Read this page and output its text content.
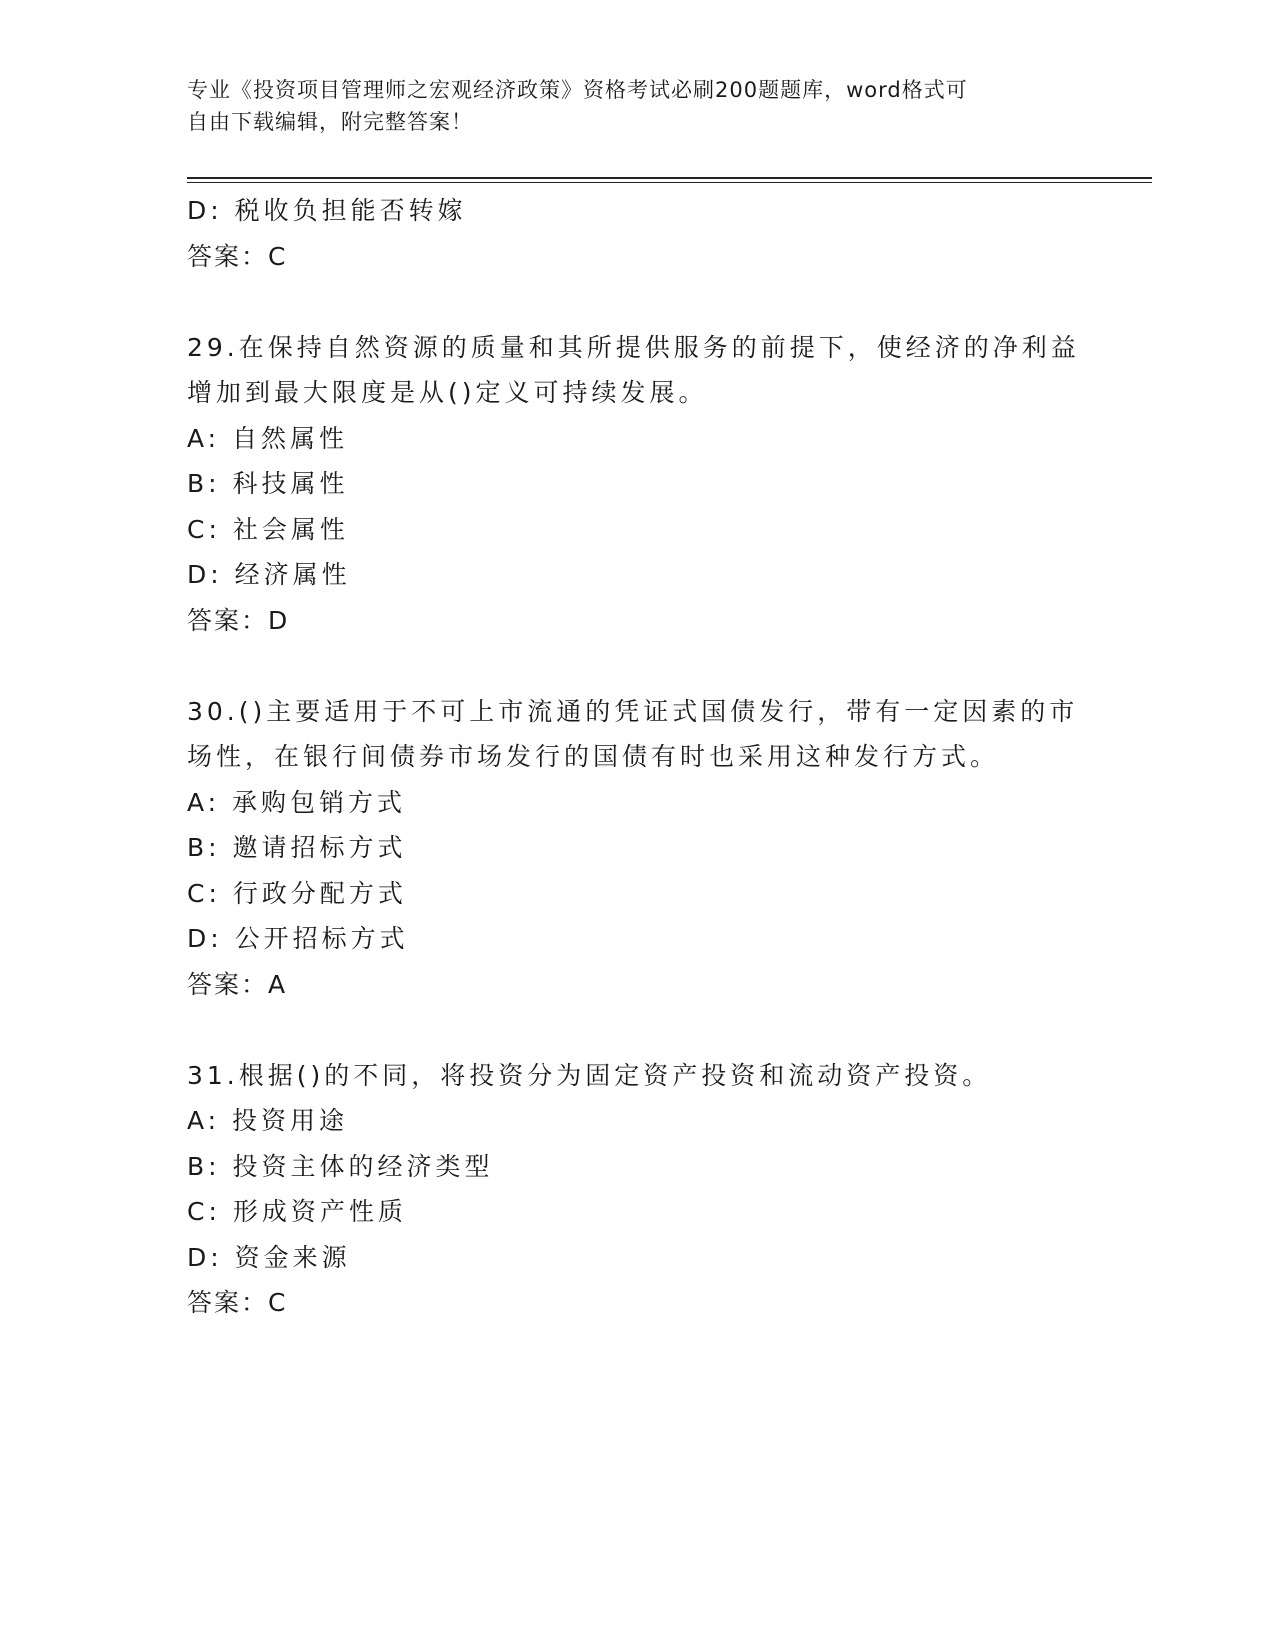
专业《投资项目管理师之宏观经济政策》资格考试必刷200题题库，word格式可
自由下载编辑，附完整答案！
D: 税收负担能否转嫁
答案：C
29.在保持自然资源的质量和其所提供服务的前提下，使经济的净利益
增加到最大限度是从()定义可持续发展。
A: 自然属性
B: 科技属性
C: 社会属性
D: 经济属性
答案：D
30.()主要适用于不可上市流通的凭证式国债发行，带有一定因素的市
场性，在银行间债券市场发行的国债有时也采用这种发行方式。
A: 承购包销方式
B: 邀请招标方式
C: 行政分配方式
D: 公开招标方式
答案：A
31.根据()的不同，将投资分为固定资产投资和流动资产投资。
A: 投资用途
B: 投资主体的经济类型
C: 形成资产性质
D: 资金来源
答案：C
